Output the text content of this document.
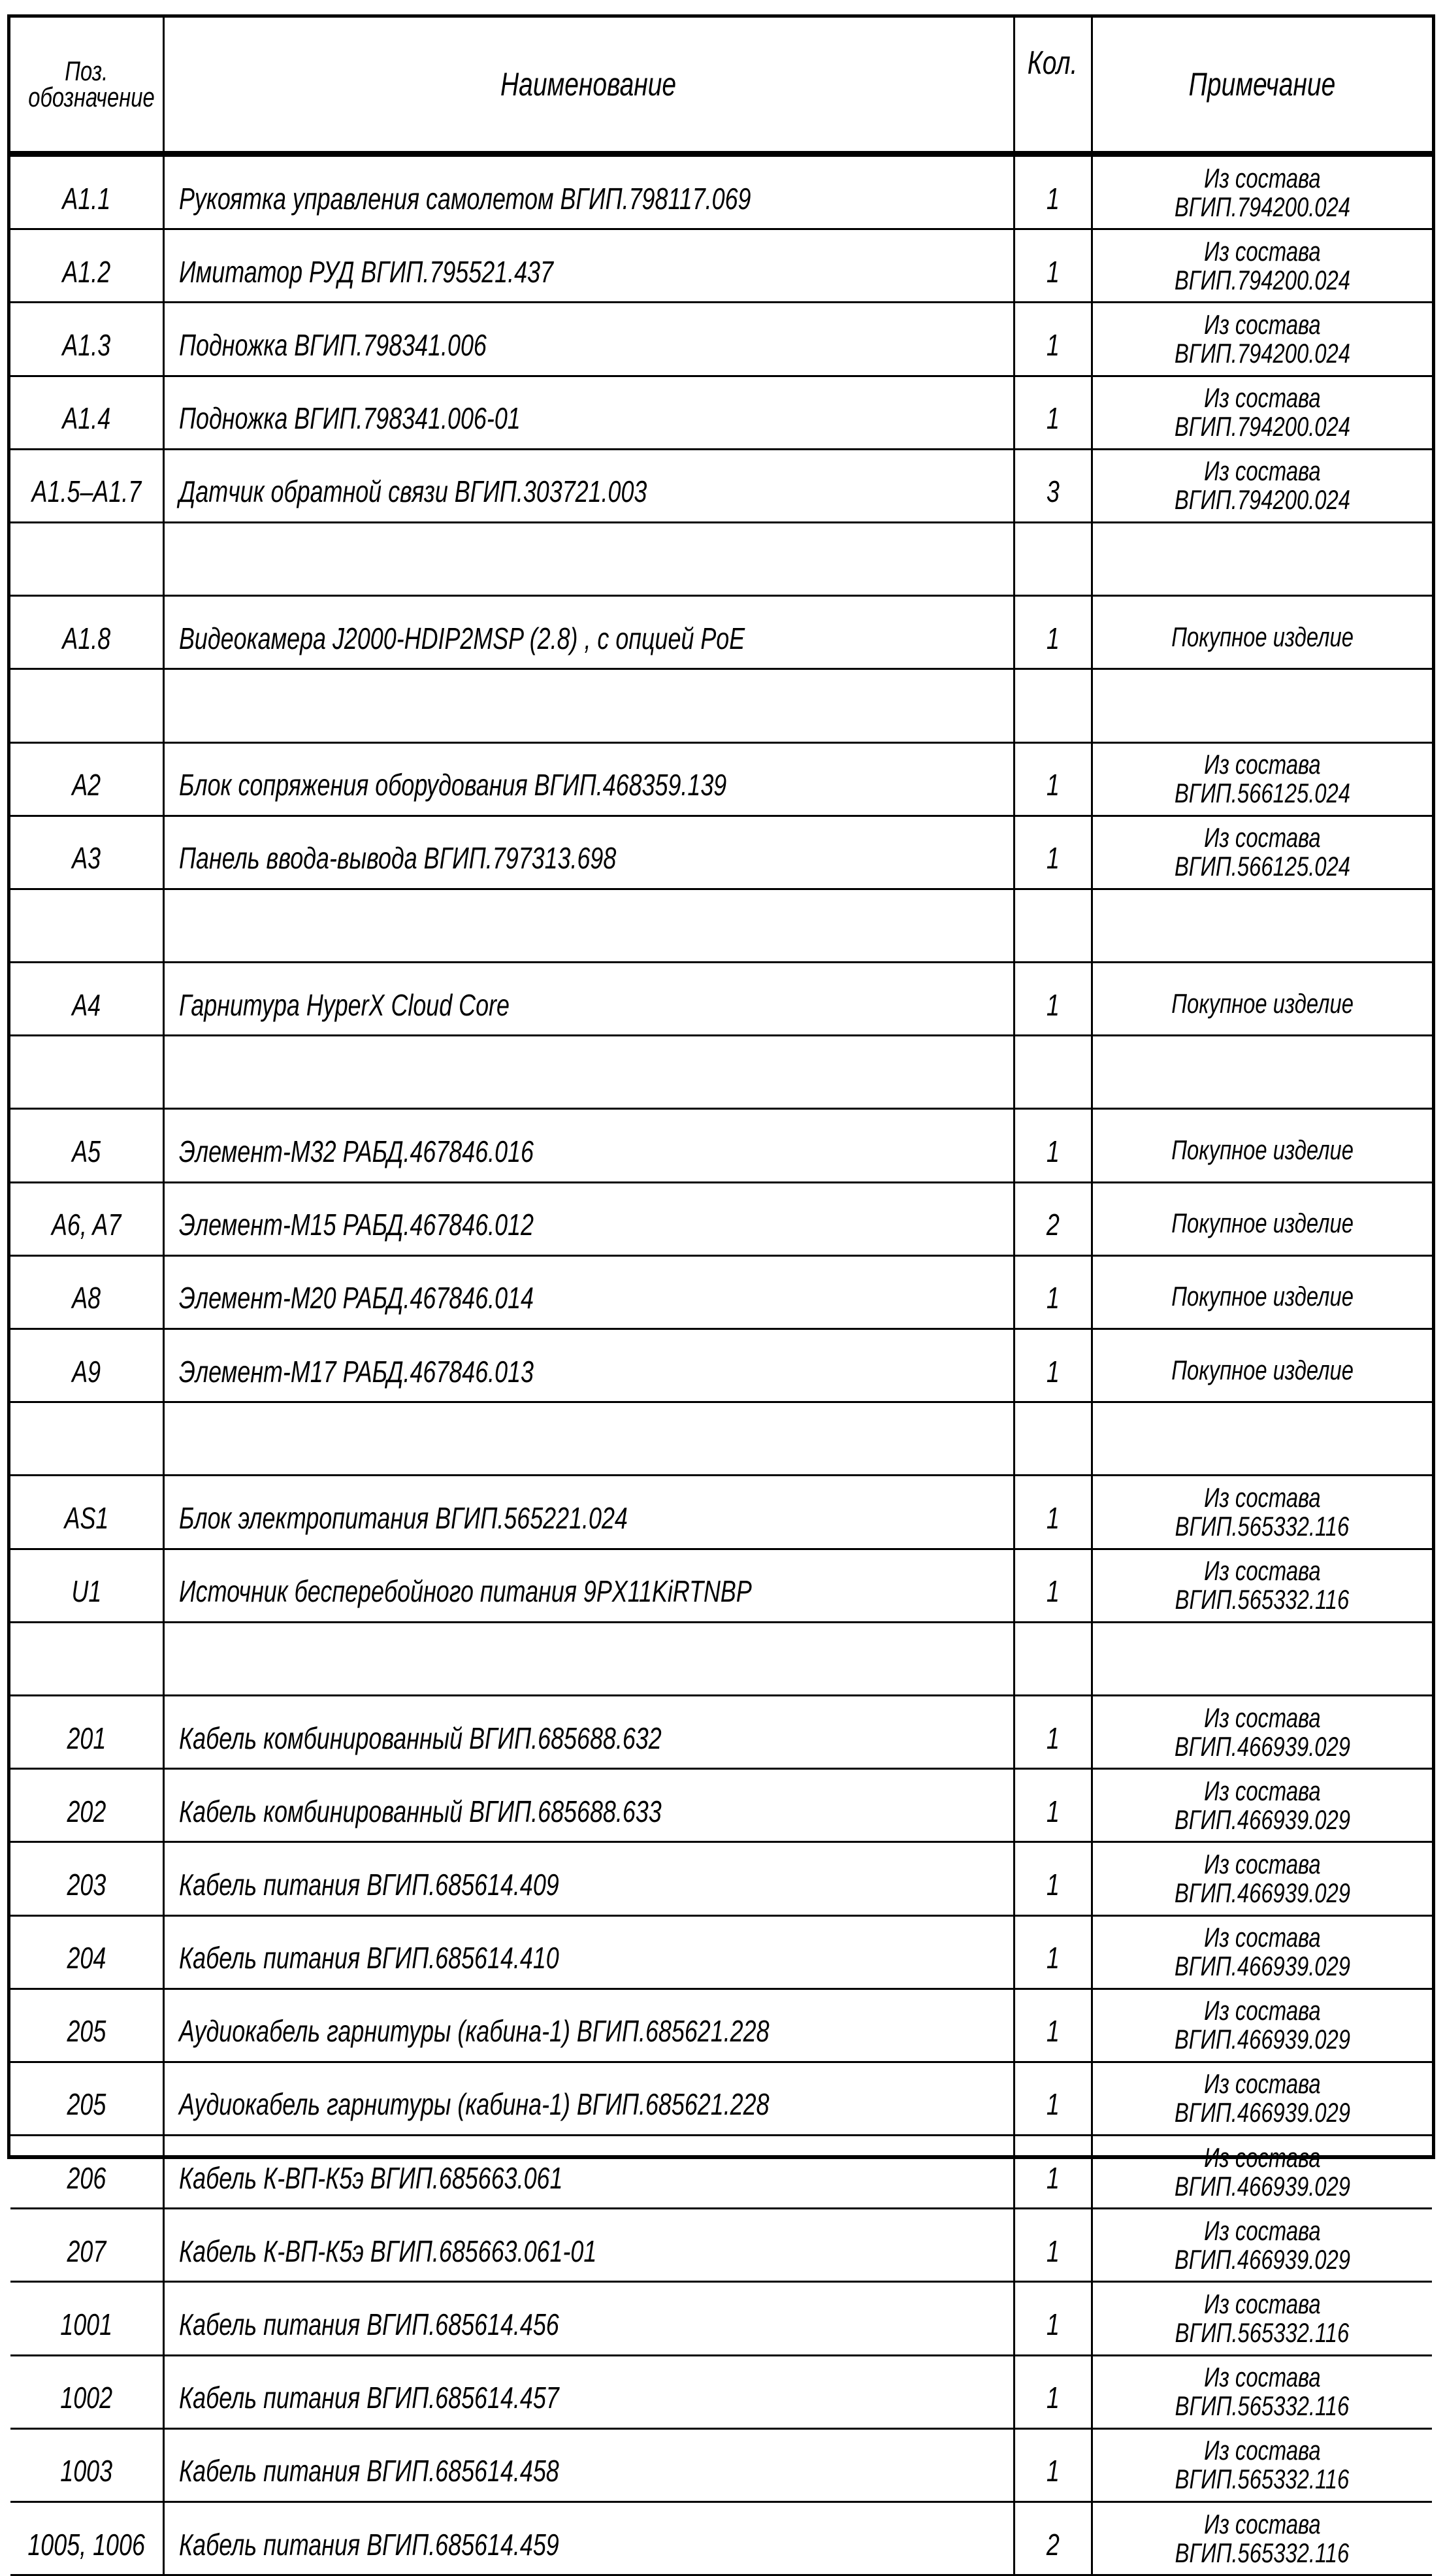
Поз.
обозначение	Наименование	Кол.	Примечание
A1.1	Рукоятка управления самолетом ВГИП.798117.069	1	Из состава
ВГИП.794200.024
A1.2	Имитатор РУД ВГИП.795521.437	1	Из состава
ВГИП.794200.024
A1.3	Подножка ВГИП.798341.006	1	Из состава
ВГИП.794200.024
A1.4	Подножка ВГИП.798341.006-01	1	Из состава
ВГИП.794200.024
A1.5–A1.7	Датчик обратной связи ВГИП.303721.003	3	Из состава
ВГИП.794200.024

A1.8	Видеокамера J2000-HDIP2MSP (2.8) , с опцией PoE	1	Покупное изделие

A2	Блок сопряжения оборудования ВГИП.468359.139	1	Из состава
ВГИП.566125.024
A3	Панель ввода-вывода ВГИП.797313.698	1	Из состава
ВГИП.566125.024

A4	Гарнитура HyperX Cloud Core	1	Покупное изделие

A5	Элемент-М32 РАБД.467846.016	1	Покупное изделие
A6, A7	Элемент-М15 РАБД.467846.012	2	Покупное изделие
A8	Элемент-М20 РАБД.467846.014	1	Покупное изделие
A9	Элемент-М17 РАБД.467846.013	1	Покупное изделие

AS1	Блок электропитания ВГИП.565221.024	1	Из состава
ВГИП.565332.116
U1	Источник бесперебойного питания 9PX11KiRTNBP	1	Из состава
ВГИП.565332.116

201	Кабель комбинированный ВГИП.685688.632	1	Из состава
ВГИП.466939.029
202	Кабель комбинированный ВГИП.685688.633	1	Из состава
ВГИП.466939.029
203	Кабель питания ВГИП.685614.409	1	Из состава
ВГИП.466939.029
204	Кабель питания ВГИП.685614.410	1	Из состава
ВГИП.466939.029
205	Аудиокабель гарнитуры (кабина-1) ВГИП.685621.228	1	Из состава
ВГИП.466939.029
205	Аудиокабель гарнитуры (кабина-1) ВГИП.685621.228	1	Из состава
ВГИП.466939.029
206	Кабель К-ВП-К5э ВГИП.685663.061	1	Из состава
ВГИП.466939.029
207	Кабель К-ВП-К5э ВГИП.685663.061-01	1	Из состава
ВГИП.466939.029
1001	Кабель питания ВГИП.685614.456	1	Из состава
ВГИП.565332.116
1002	Кабель питания ВГИП.685614.457	1	Из состава
ВГИП.565332.116
1003	Кабель питания ВГИП.685614.458	1	Из состава
ВГИП.565332.116
1005, 1006	Кабель питания ВГИП.685614.459	2	Из состава
ВГИП.565332.116
